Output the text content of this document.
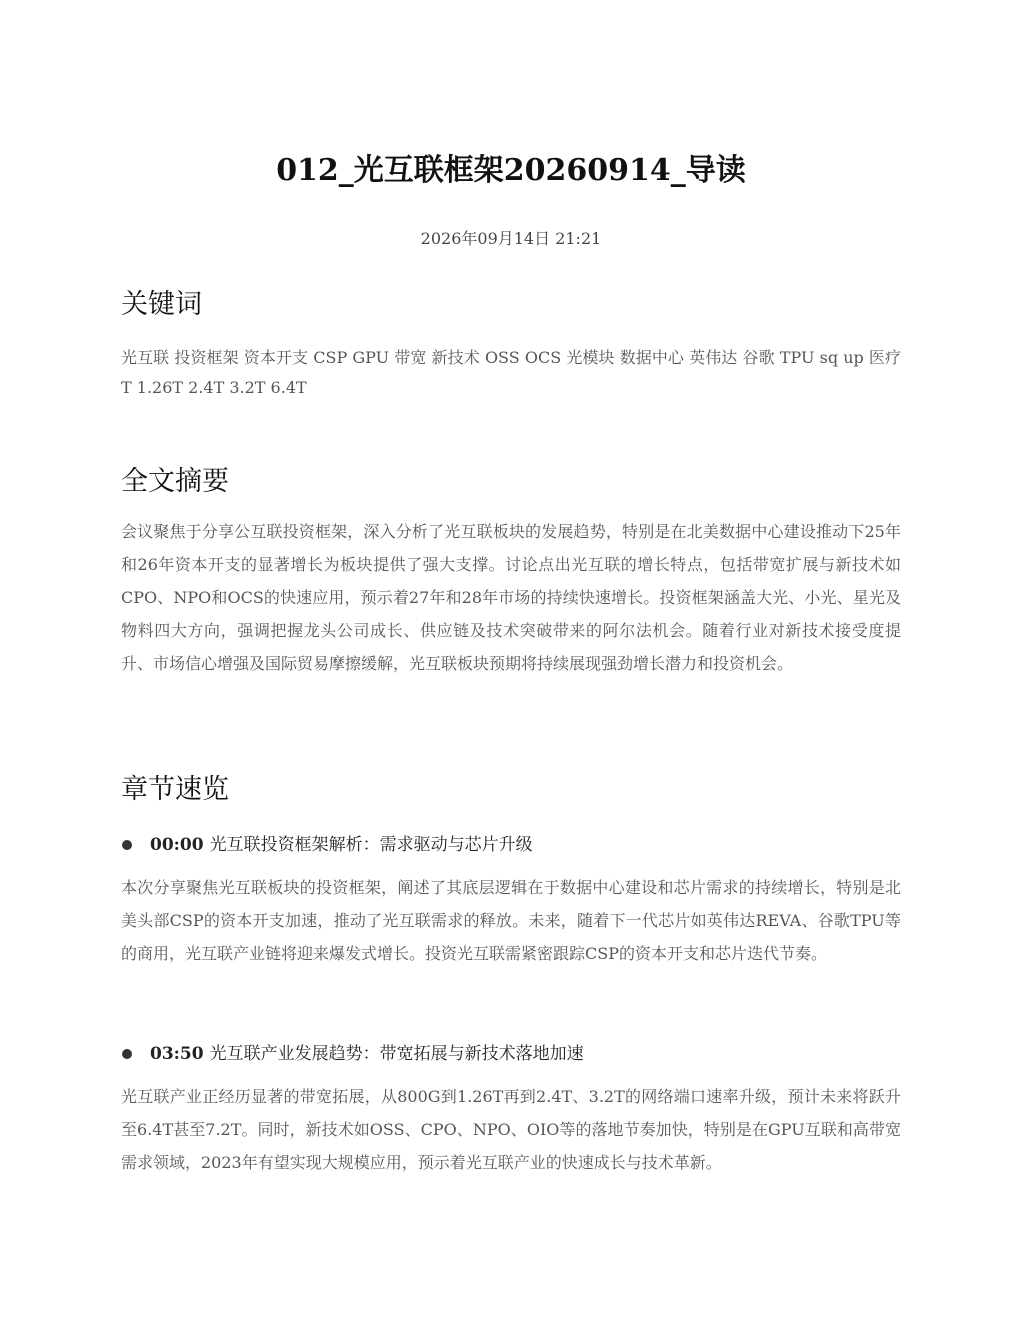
012_光互联框架20260914_导读

2026年09月14日 21:21

关键词

光互联 投资框架 资本开支 CSP GPU 带宽 新技术 OSS OCS 光模块 数据中心 英伟达 谷歌 TPU sq up 医疗 T 1.26T 2.4T 3.2T 6.4T

全文摘要

会议聚焦于分享公互联投资框架，深入分析了光互联板块的发展趋势，特别是在北美数据中心建设推动下25年和26年资本开支的显著增长为板块提供了强大支撑。讨论点出光互联的增长特点，包括带宽扩展与新技术如CPO、NPO和OCS的快速应用，预示着27年和28年市场的持续快速增长。投资框架涵盖大光、小光、星光及物料四大方向，强调把握龙头公司成长、供应链及技术突破带来的阿尔法机会。随着行业对新技术接受度提升、市场信心增强及国际贸易摩擦缓解，光互联板块预期将持续展现强劲增长潜力和投资机会。

章节速览
00:00 光互联投资框架解析：需求驱动与芯片升级

本次分享聚焦光互联板块的投资框架，阐述了其底层逻辑在于数据中心建设和芯片需求的持续增长，特别是北美头部CSP的资本开支加速，推动了光互联需求的释放。未来，随着下一代芯片如英伟达REVA、谷歌TPU等的商用，光互联产业链将迎来爆发式增长。投资光互联需紧密跟踪CSP的资本开支和芯片迭代节奏。

03:50 光互联产业发展趋势：带宽拓展与新技术落地加速

光互联产业正经历显著的带宽拓展，从800G到1.26T再到2.4T、3.2T的网络端口速率升级，预计未来将跃升至6.4T甚至7.2T。同时，新技术如OSS、CPO、NPO、OIO等的落地节奏加快，特别是在GPU互联和高带宽需求领域，2023年有望实现大规模应用，预示着光互联产业的快速成长与技术革新。
